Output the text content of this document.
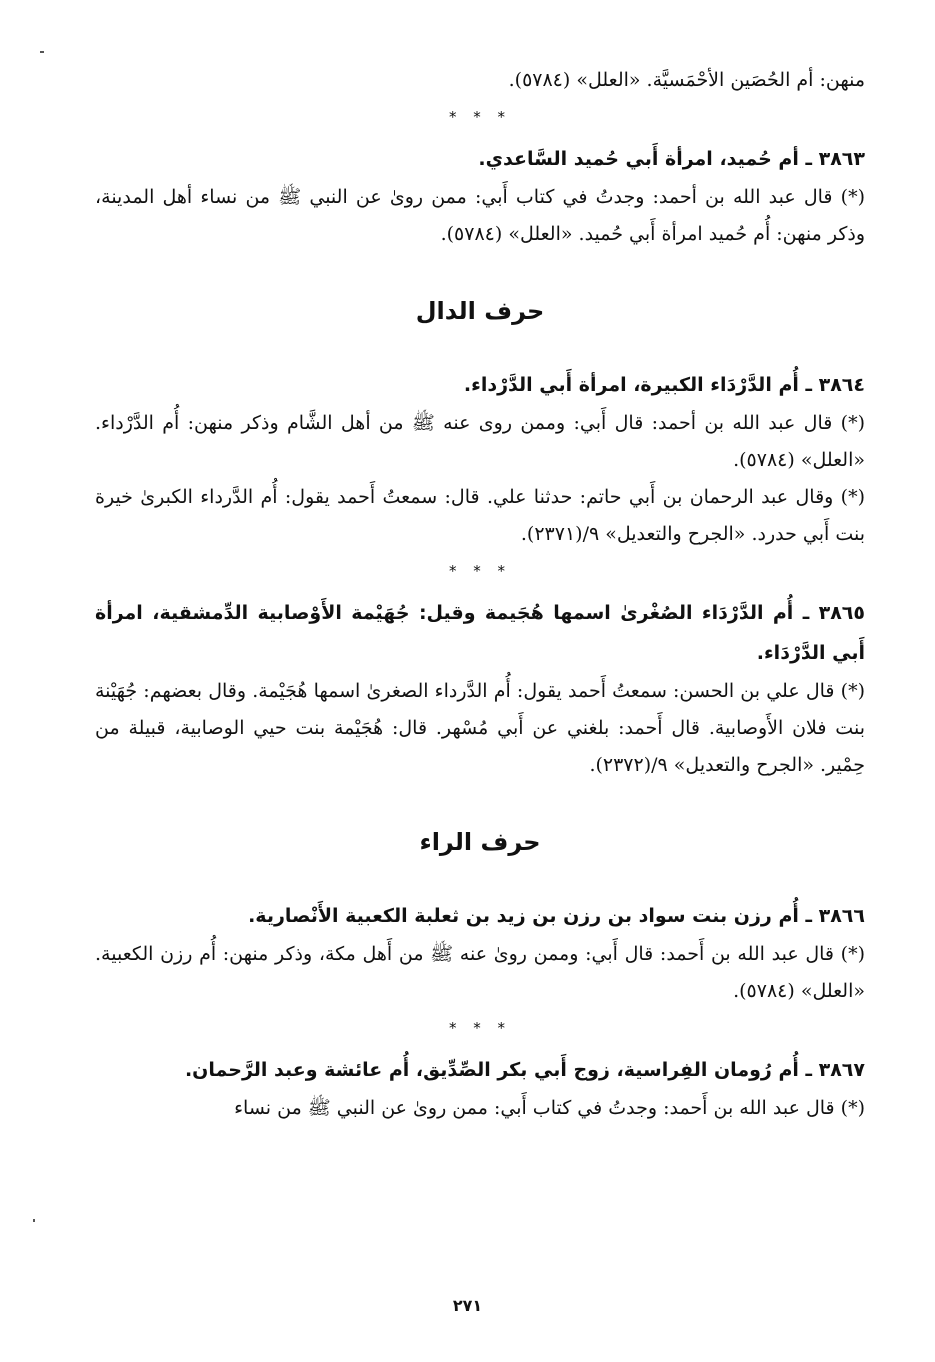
منهن: أم الحُصَين الأحْمَسيَّة. «العلل» (٥٧٨٤).

* * *

٣٨٦٣ ـ أم حُميد، امرأة أَبي حُميد السَّاعدي.

(*) قال عبد الله بن أحمد: وجدتُ في كتاب أَبي: ممن روىٰ عن النبي ﷺ من نساء أهل المدينة، وذكر منهن: أُم حُميد امرأة أَبي حُميد. «العلل» (٥٧٨٤).

حرف الدال

٣٨٦٤ ـ أُم الدَّرْدَاء الكبيرة، امرأة أَبي الدَّرْداء.

(*) قال عبد الله بن أحمد: قال أَبي: وممن روى عنه ﷺ من أهل الشَّام وذكر منهن: أُم الدَّرْداء. «العلل» (٥٧٨٤).

(*) وقال عبد الرحمان بن أَبي حاتم: حدثنا علي. قال: سمعتُ أَحمد يقول: أُم الدَّرداء الكبرىٰ خيرة بنت أَبي حدرد. «الجرح والتعديل» ٩/(٢٣٧١).

* * *

٣٨٦٥ ـ أُم الدَّرْدَاء الصُغْرىٰ اسمها هُجَيمة وقيل: جُهَيْمة الأَوْصابية الدِّمشقية، امرأة أَبي الدَّرْدَاء.

(*) قال علي بن الحسن: سمعتُ أَحمد يقول: أُم الدَّرداء الصغرىٰ اسمها هُجَيْمة. وقال بعضهم: جُهَيْنة بنت فلان الأَوصابية. قال أَحمد: بلغني عن أَبي مُسْهر. قال: هُجَيْمة بنت حيي الوصابية، قبيلة من حِمْير. «الجرح والتعديل» ٩/(٢٣٧٢).

حرف الراء

٣٨٦٦ ـ أُم رزن بنت سواد بن رزن بن زيد بن ثعلبة الكعبية الأَنْصارية.

(*) قال عبد الله بن أَحمد: قال أَبي: وممن روىٰ عنه ﷺ من أَهل مكة، وذكر منهن: أُم رزن الكعبية. «العلل» (٥٧٨٤).

* * *

٣٨٦٧ ـ أُم رُومان الفِراسية، زوج أَبي بكر الصِّدِّيق، أُم عائشة وعبد الرَّحمان.

(*) قال عبد الله بن أَحمد: وجدتُ في كتاب أَبي: ممن روىٰ عن النبي ﷺ من نساء

٢٧١
